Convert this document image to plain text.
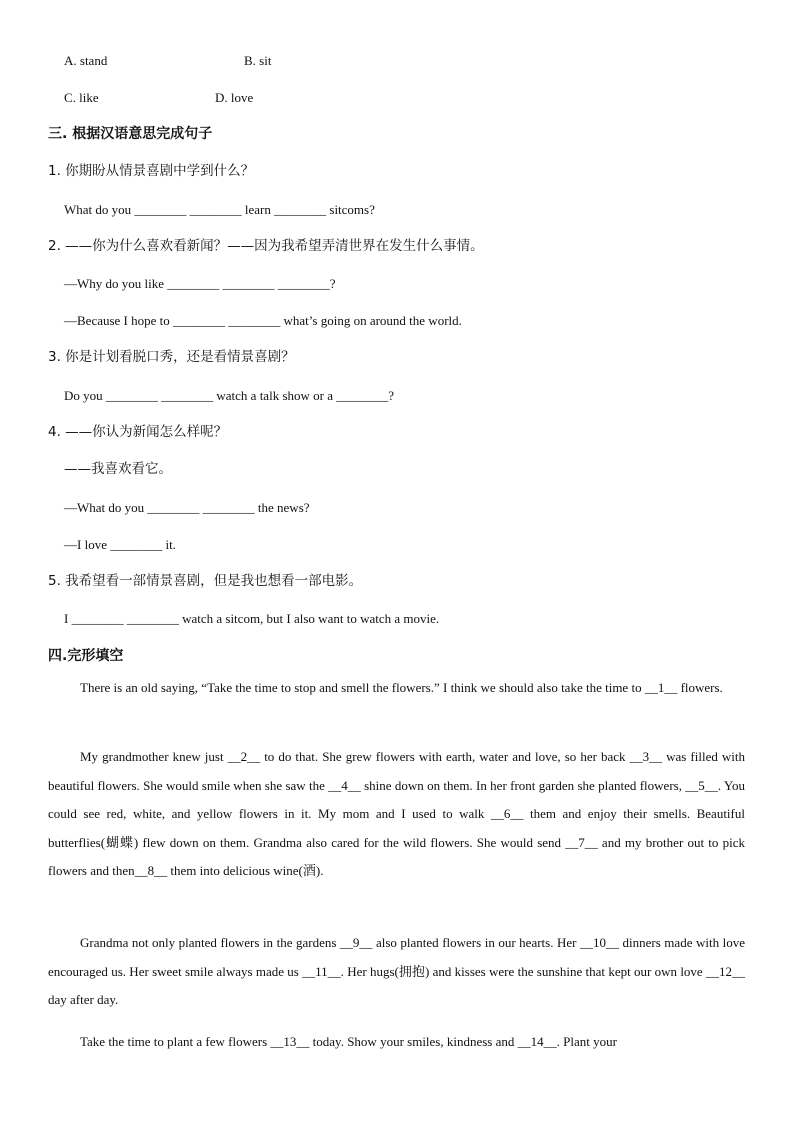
A. stand	B. sit
C. like	D. love
三. 根据汉语意思完成句子
1. 你期盼从情景喜剧中学到什么？
What do you ________ ________ learn ________ sitcoms?
2. ——你为什么喜欢看新闻？——因为我希望弄清世界在发生什么事情。
—Why do you like ________ ________ ________?
—Because I hope to ________ ________ what’s going on around the world.
3. 你是计划看脱口秀，还是看情景喜剧？
Do you ________ ________ watch a talk show or a ________?
4. ——你认为新闻怎么样呢？
——我喜欢看它。
—What do you ________ ________ the news?
—I love ________ it.
5. 我希望看一部情景喜剧，但是我也想看一部电影。
I ________ ________ watch a sitcom, but I also want to watch a movie.
四.完形填空
There is an old saying, “Take the time to stop and smell the flowers.” I think we should also take the time to __1__ flowers.
My grandmother knew just __2__ to do that. She grew flowers with earth, water and love, so her back __3__ was filled with beautiful flowers. She would smile when she saw the __4__ shine down on them. In her front garden she planted flowers, __5__. You could see red, white, and yellow flowers in it. My mom and I used to walk __6__ them and enjoy their smells. Beautiful butterflies(蝴蝶) flew down on them. Grandma also cared for the wild flowers. She would send __7__ and my brother out to pick flowers and then__8__ them into delicious wine(酒).
Grandma not only planted flowers in the gardens __9__ also planted flowers in our hearts. Her __10__ dinners made with love encouraged us. Her sweet smile always made us __11__. Her hugs(拥抱) and kisses were the sunshine that kept our own love __12__ day after day.
Take the time to plant a few flowers __13__ today. Show your smiles, kindness and __14__. Plant your
